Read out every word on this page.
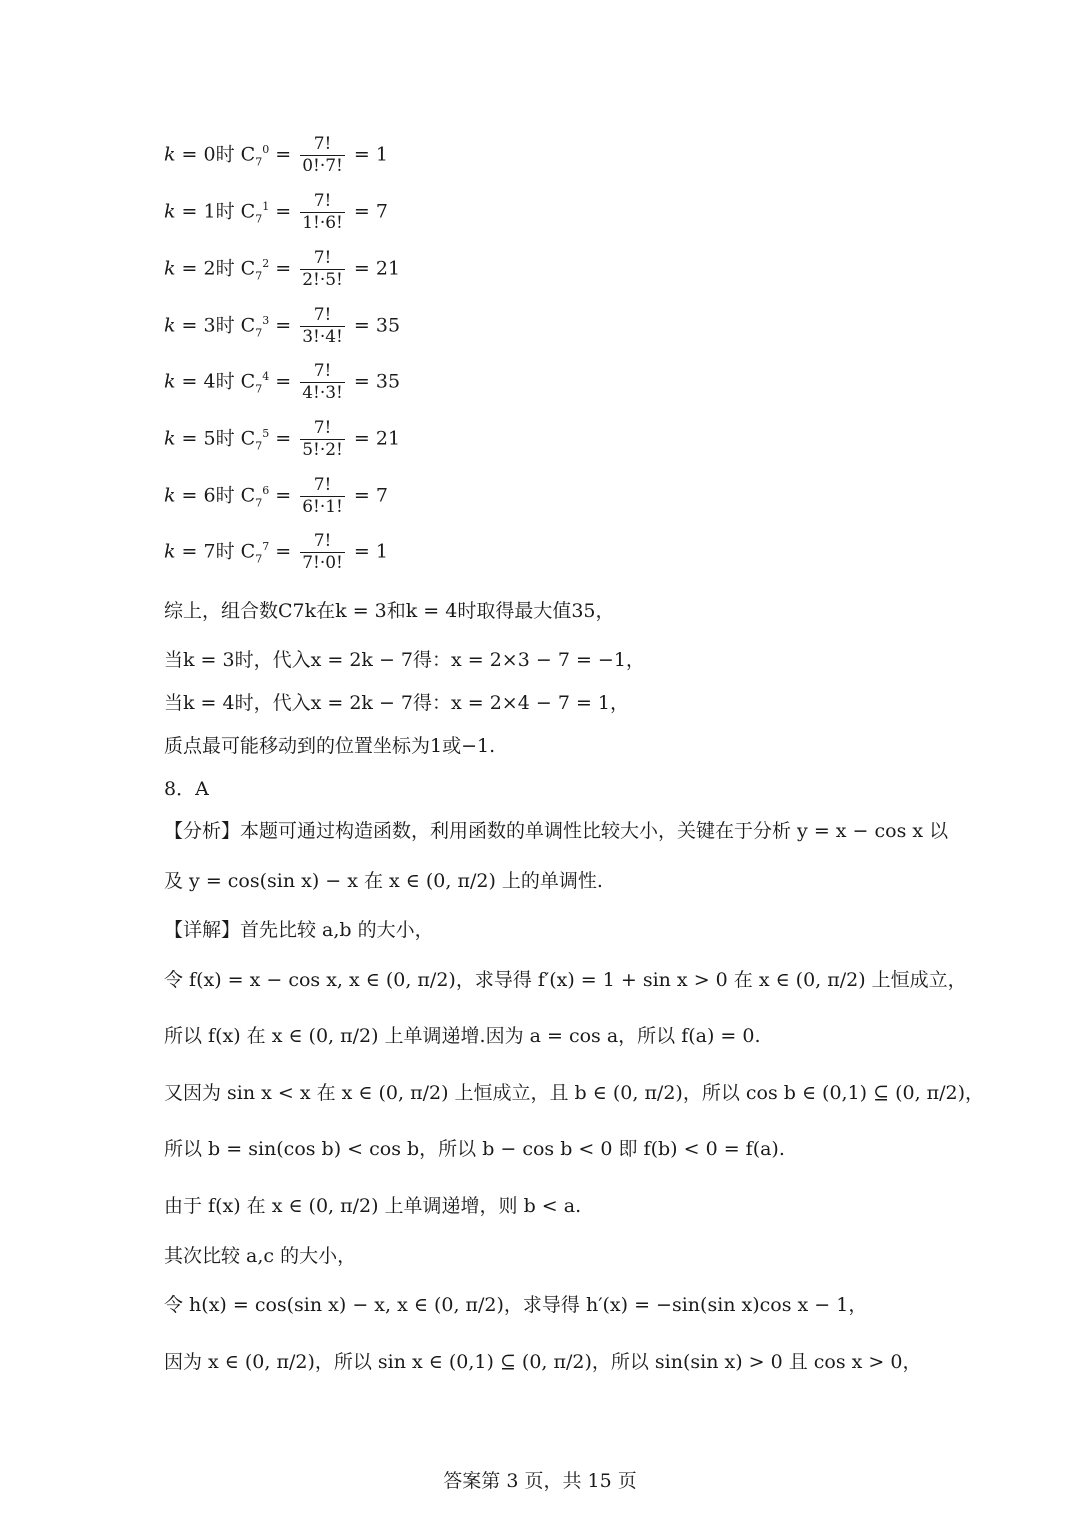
k = 0时 $C_7^0 = \frac{7!}{0!\cdot 7!} = 1$
k = 1时 $C_7^1 = \frac{7!}{1!\cdot 6!} = 7$
k = 2时 $C_7^2 = \frac{7!}{2!\cdot 5!} = 21$
k = 3时 $C_7^3 = \frac{7!}{3!\cdot 4!} = 35$
k = 4时 $C_7^4 = \frac{7!}{4!\cdot 3!} = 35$
k = 5时 $C_7^5 = \frac{7!}{5!\cdot 2!} = 21$
k = 6时 $C_7^6 = \frac{7!}{6!\cdot 1!} = 7$
k = 7时 $C_7^7 = \frac{7!}{7!\cdot 0!} = 1$
综上，组合数C7k在k = 3和k = 4时取得最大值35，
当k = 3时，代入x = 2k − 7得：x = 2×3 − 7 = −1，
当k = 4时，代入x = 2k − 7得：x = 2×4 − 7 = 1，
质点最可能移动到的位置坐标为1或−1.
8．A
【分析】本题可通过构造函数，利用函数的单调性比较大小，关键在于分析 y = x − cos x 以
及 y = cos(sin x) − x 在 x ∈ (0, π/2) 上的单调性.
【详解】首先比较 a,b 的大小，
令 f(x) = x − cos x, x ∈ (0, π/2)，求导得 f′(x) = 1 + sin x > 0 在 x ∈ (0, π/2) 上恒成立，
所以 f(x) 在 x ∈ (0, π/2) 上单调递增.因为 a = cos a，所以 f(a) = 0.
又因为 sin x < x 在 x ∈ (0, π/2) 上恒成立，且 b ∈ (0, π/2)，所以 cos b ∈ (0,1) ⊆ (0, π/2)，
所以 b = sin(cos b) < cos b，所以 b − cos b < 0 即 f(b) < 0 = f(a).
由于 f(x) 在 x ∈ (0, π/2) 上单调递增，则 b < a.
其次比较 a,c 的大小，
令 h(x) = cos(sin x) − x, x ∈ (0, π/2)，求导得 h′(x) = −sin(sin x)cos x − 1，
因为 x ∈ (0, π/2)，所以 sin x ∈ (0,1) ⊆ (0, π/2)，所以 sin(sin x) > 0 且 cos x > 0，
答案第 3 页，共 15 页
